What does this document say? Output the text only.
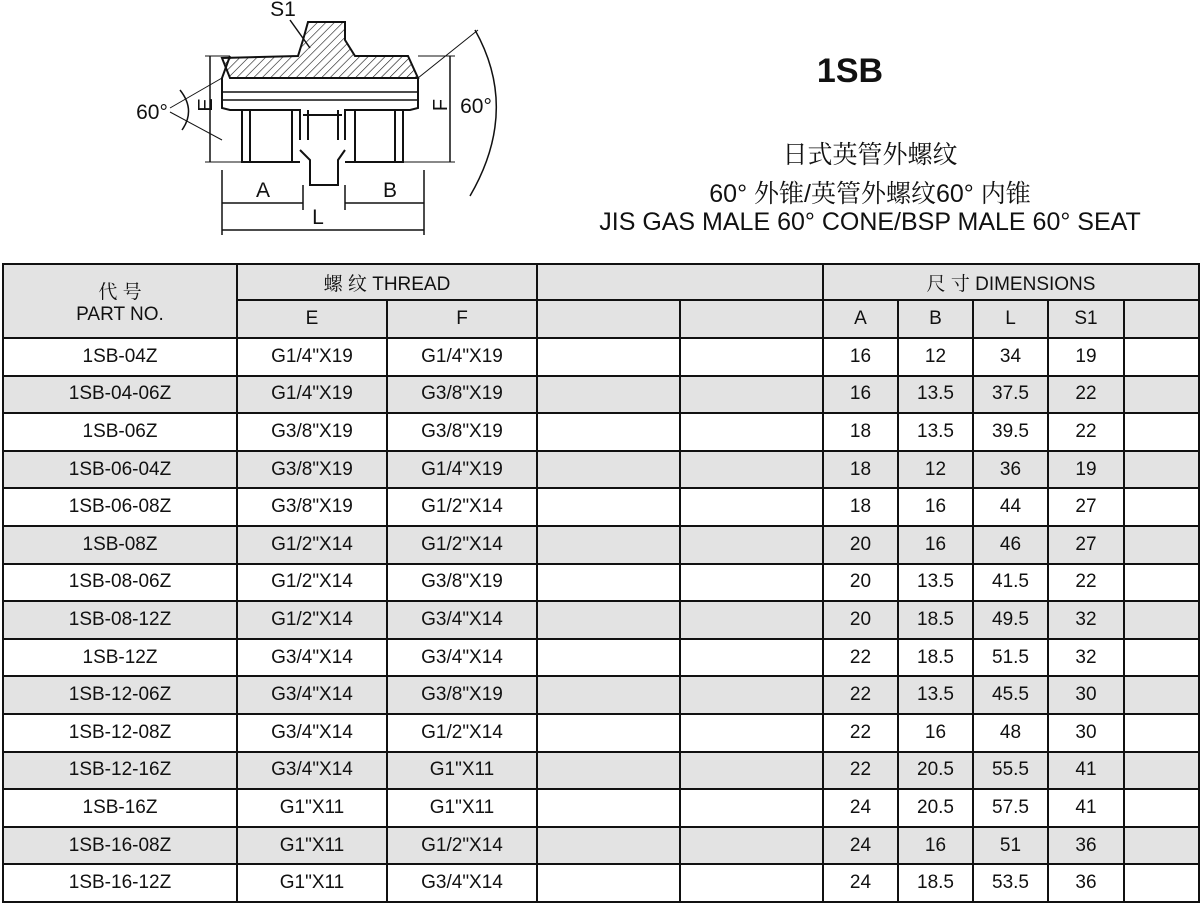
S1
E	F
A	B
L
60°	60°
1SB
日式英管外螺纹
60° 外锥/英管外螺纹60° 内锥
JIS GAS MALE 60° CONE/BSP MALE 60° SEAT
代 号
PART NO.	螺 纹 THREAD				尺 寸 DIMENSIONS				
	E	F			A	B	L	S1	
1SB-04Z	G1/4"X19	G1/4"X19			16	12	34	19	
1SB-04-06Z	G1/4"X19	G3/8"X19			16	13.5	37.5	22	
1SB-06Z	G3/8"X19	G3/8"X19			18	13.5	39.5	22	
1SB-06-04Z	G3/8"X19	G1/4"X19			18	12	36	19	
1SB-06-08Z	G3/8"X19	G1/2"X14			18	16	44	27	
1SB-08Z	G1/2"X14	G1/2"X14			20	16	46	27	
1SB-08-06Z	G1/2"X14	G3/8"X19			20	13.5	41.5	22	
1SB-08-12Z	G1/2"X14	G3/4"X14			20	18.5	49.5	32	
1SB-12Z	G3/4"X14	G3/4"X14			22	18.5	51.5	32	
1SB-12-06Z	G3/4"X14	G3/8"X19			22	13.5	45.5	30	
1SB-12-08Z	G3/4"X14	G1/2"X14			22	16	48	30	
1SB-12-16Z	G3/4"X14	G1"X11			22	20.5	55.5	41	
1SB-16Z	G1"X11	G1"X11			24	20.5	57.5	41	
1SB-16-08Z	G1"X11	G1/2"X14			24	16	51	36	
1SB-16-12Z	G1"X11	G3/4"X14			24	18.5	53.5	36	
